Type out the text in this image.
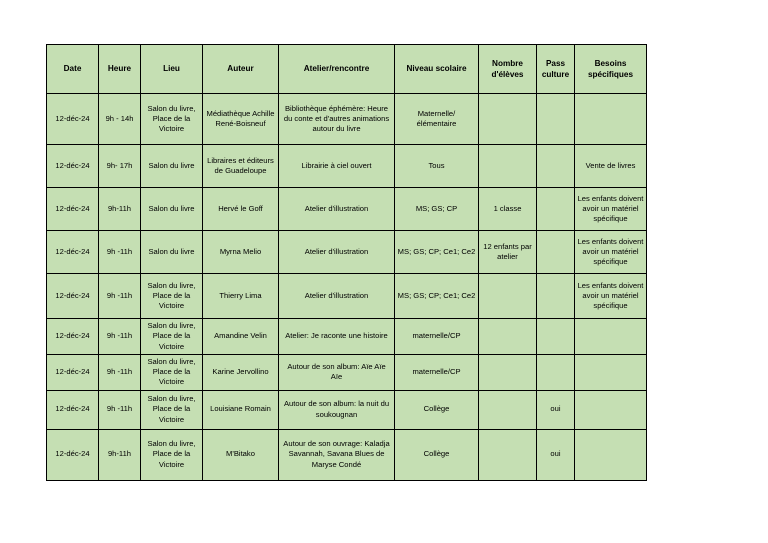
Date	Heure	Lieu	Auteur	Atelier/rencontre	Niveau scolaire	Nombre d'élèves	Pass culture	Besoins spécifiques
12-déc-24	9h - 14h	Salon du livre, Place de la Victoire	Médiathèque Achille René-Boisneuf	Bibliothèque éphémère: Heure du conte et d'autres animations autour du livre	Maternelle/ élémentaire			
12-déc-24	9h- 17h	Salon du livre	Libraires et éditeurs de Guadeloupe	Librairie à ciel ouvert	Tous			Vente de livres
12-déc-24	9h-11h	Salon du livre	Hervé le Goff	Atelier d'illustration	MS; GS; CP	1 classe		Les enfants doivent avoir un matériel spécifique
12-déc-24	9h -11h	Salon du livre	Myrna Melio	Atelier d'illustration	MS; GS; CP; Ce1; Ce2	12 enfants par atelier		Les enfants doivent avoir un matériel spécifique
12-déc-24	9h -11h	Salon du livre, Place de la Victoire	Thierry Lima	Atelier d'illustration	MS; GS; CP; Ce1; Ce2			Les enfants doivent avoir un matériel spécifique
12-déc-24	9h -11h	Salon du livre, Place de la Victoire	Amandine Velin	Atelier: Je raconte une histoire	maternelle/CP			
12-déc-24	9h -11h	Salon du livre, Place de la Victoire	Karine Jervollino	Autour de son album: Aïe Aïe Aïe	maternelle/CP			
12-déc-24	9h -11h	Salon du livre, Place de la Victoire	Louisiane Romain	Autour de son album: la nuit du soukougnan	Collège		oui	
12-déc-24	9h-11h	Salon du livre, Place de la Victoire	M'Bitako	Autour de son ouvrage: Kaladja Savannah, Savana Blues de Maryse Condé	Collège		oui	
